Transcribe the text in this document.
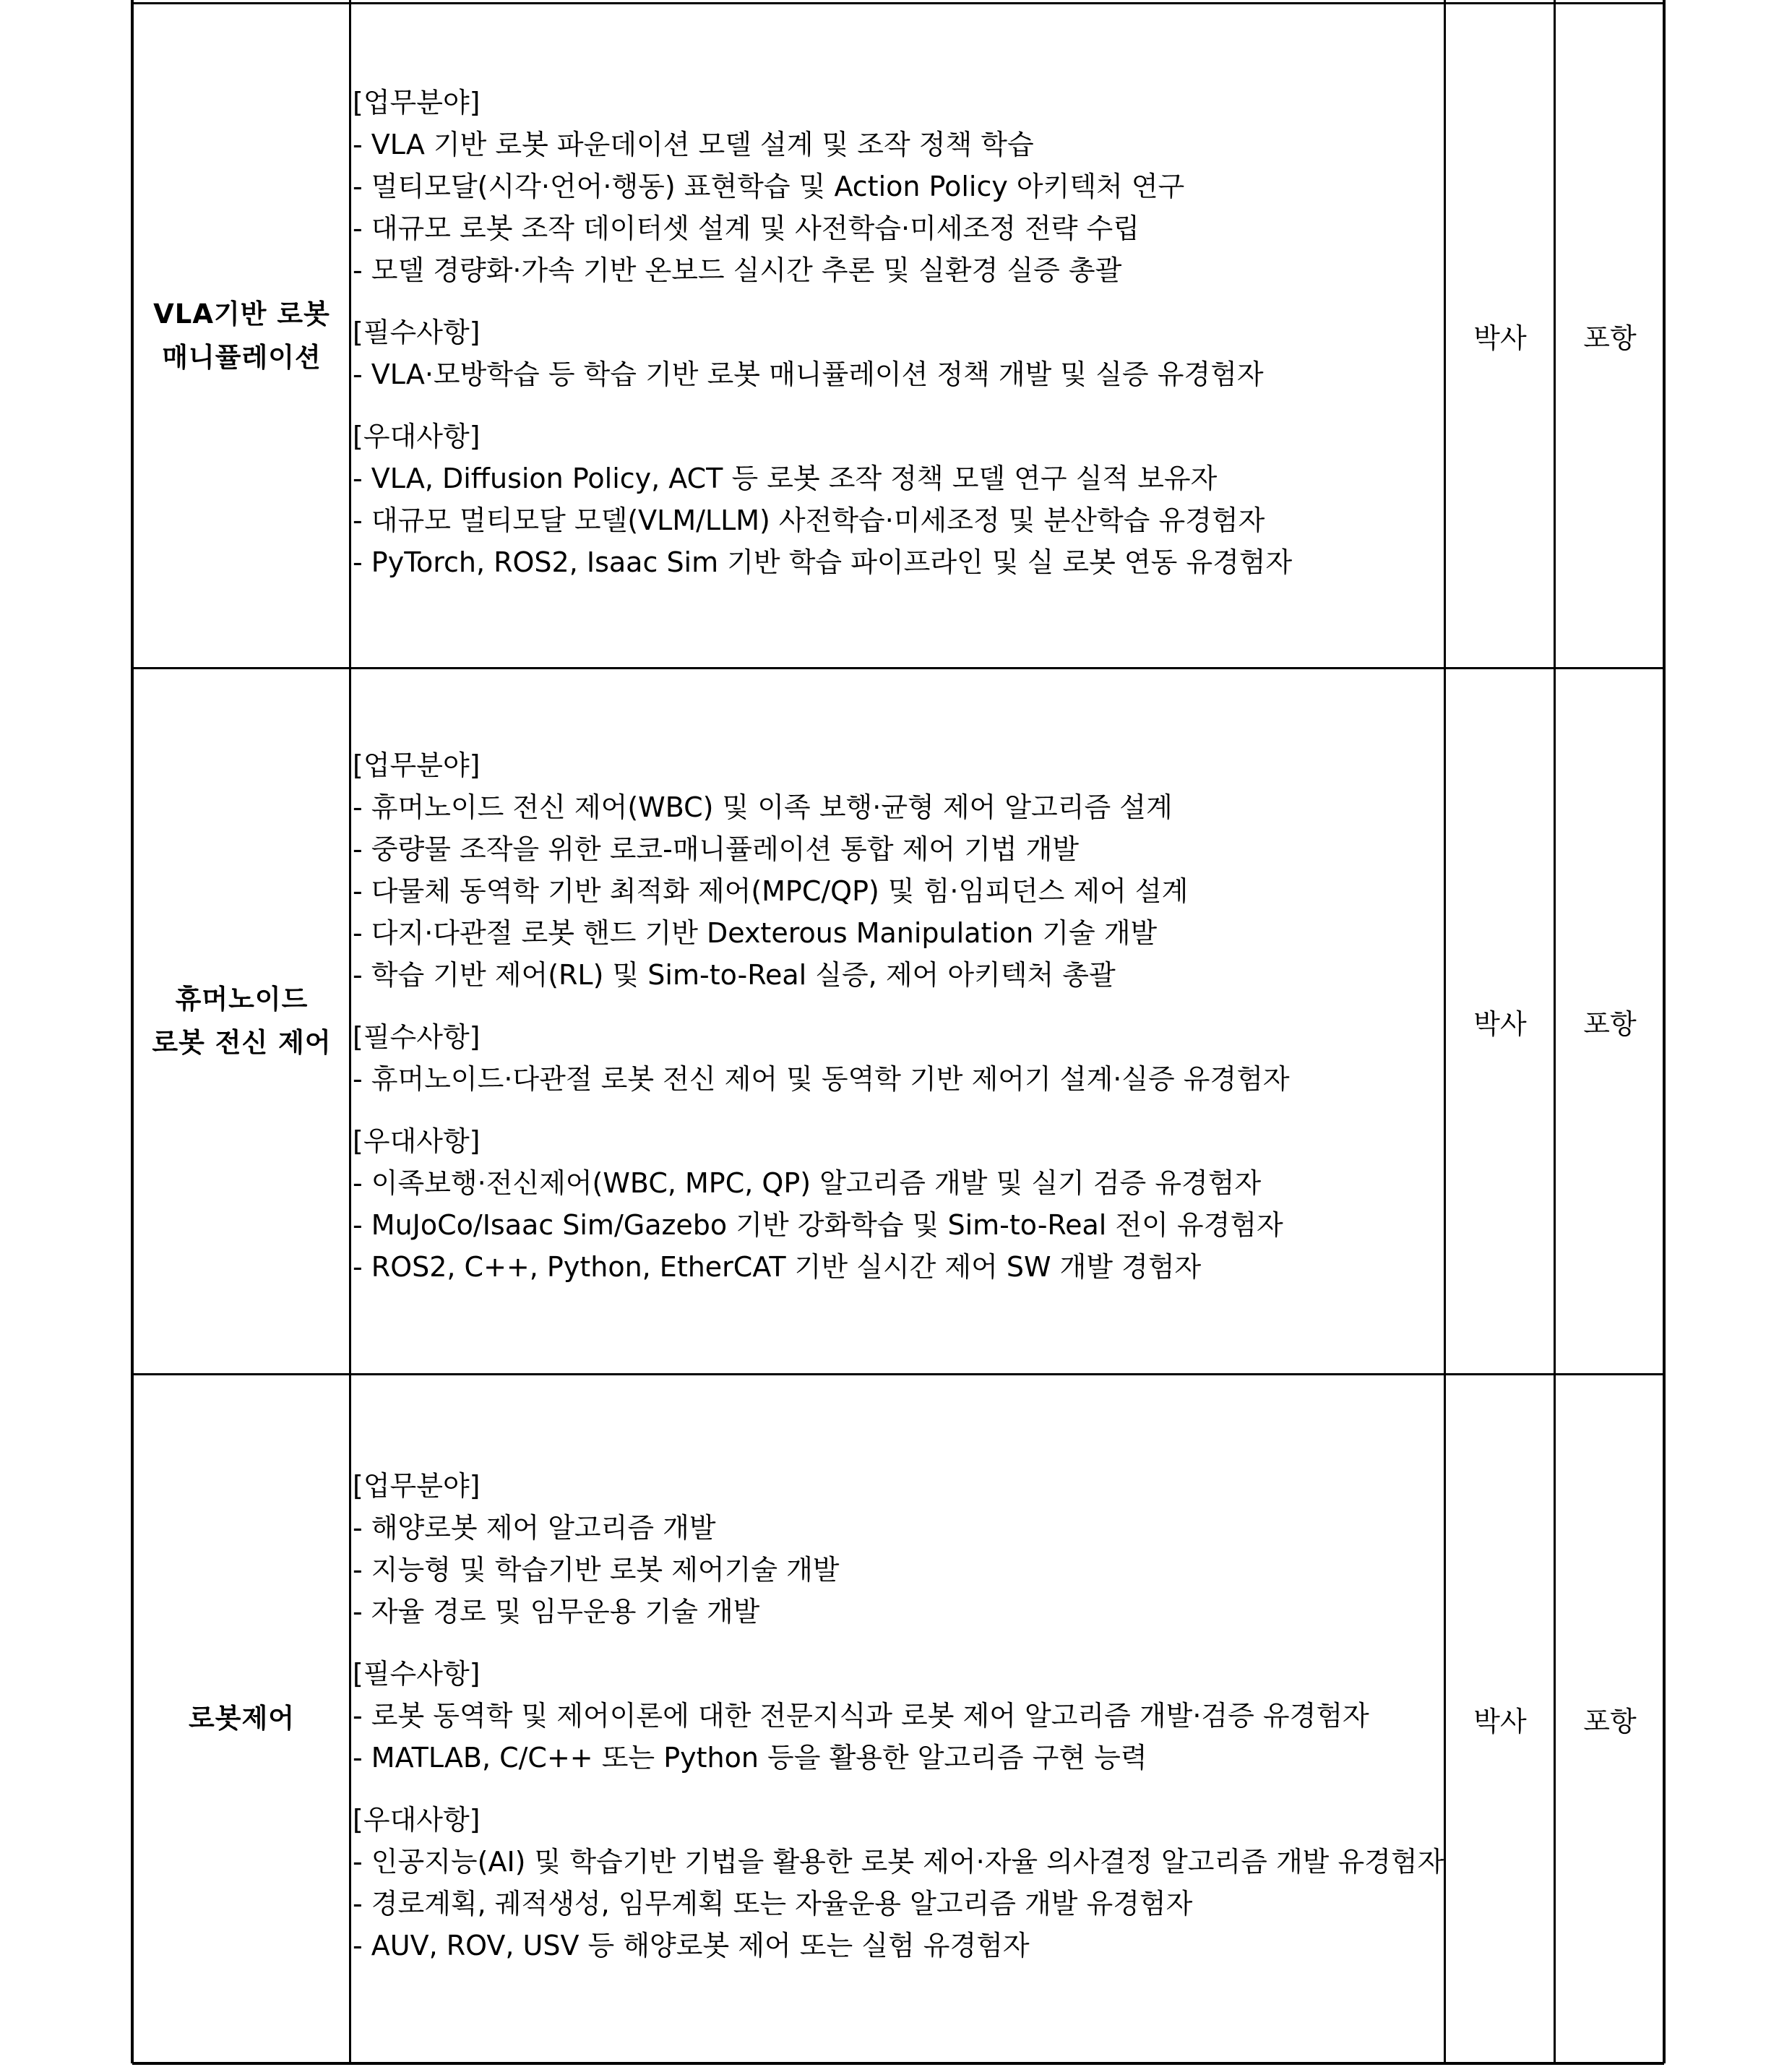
VLA기반 로봇
매니퓰레이션

[업무분야]

- VLA 기반 로봇 파운데이션 모델 설계 및 조작 정책 학습

- 멀티모달(시각·언어·행동) 표현학습 및 Action Policy 아키텍처 연구

- 대규모 로봇 조작 데이터셋 설계 및 사전학습·미세조정 전략 수립

- 모델 경량화·가속 기반 온보드 실시간 추론 및 실환경 실증 총괄

[필수사항]

- VLA·모방학습 등 학습 기반 로봇 매니퓰레이션 정책 개발 및 실증 유경험자

[우대사항]

- VLA, Diffusion Policy, ACT 등 로봇 조작 정책 모델 연구 실적 보유자

- 대규모 멀티모달 모델(VLM/LLM) 사전학습·미세조정 및 분산학습 유경험자

- PyTorch, ROS2, Isaac Sim 기반 학습 파이프라인 및 실 로봇 연동 유경험자

박사	포항
휴머노이드
로봇 전신 제어

[업무분야]

- 휴머노이드 전신 제어(WBC) 및 이족 보행·균형 제어 알고리즘 설계

- 중량물 조작을 위한 로코-매니퓰레이션 통합 제어 기법 개발

- 다물체 동역학 기반 최적화 제어(MPC/QP) 및 힘·임피던스 제어 설계

- 다지·다관절 로봇 핸드 기반 Dexterous Manipulation 기술 개발

- 학습 기반 제어(RL) 및 Sim-to-Real 실증, 제어 아키텍처 총괄

[필수사항]

- 휴머노이드·다관절 로봇 전신 제어 및 동역학 기반 제어기 설계·실증 유경험자

[우대사항]

- 이족보행·전신제어(WBC, MPC, QP) 알고리즘 개발 및 실기 검증 유경험자

- MuJoCo/Isaac Sim/Gazebo 기반 강화학습 및 Sim-to-Real 전이 유경험자

- ROS2, C++, Python, EtherCAT 기반 실시간 제어 SW 개발 경험자

박사	포항
로봇제어

[업무분야]

- 해양로봇 제어 알고리즘 개발

- 지능형 및 학습기반 로봇 제어기술 개발

- 자율 경로 및 임무운용 기술 개발

[필수사항]

- 로봇 동역학 및 제어이론에 대한 전문지식과 로봇 제어 알고리즘 개발·검증 유경험자

- MATLAB, C/C++ 또는 Python 등을 활용한 알고리즘 구현 능력

[우대사항]

- 인공지능(AI) 및 학습기반 기법을 활용한 로봇 제어·자율 의사결정 알고리즘 개발 유경험자

- 경로계획, 궤적생성, 임무계획 또는 자율운용 알고리즘 개발 유경험자

- AUV, ROV, USV 등 해양로봇 제어 또는 실험 유경험자

박사	포항
